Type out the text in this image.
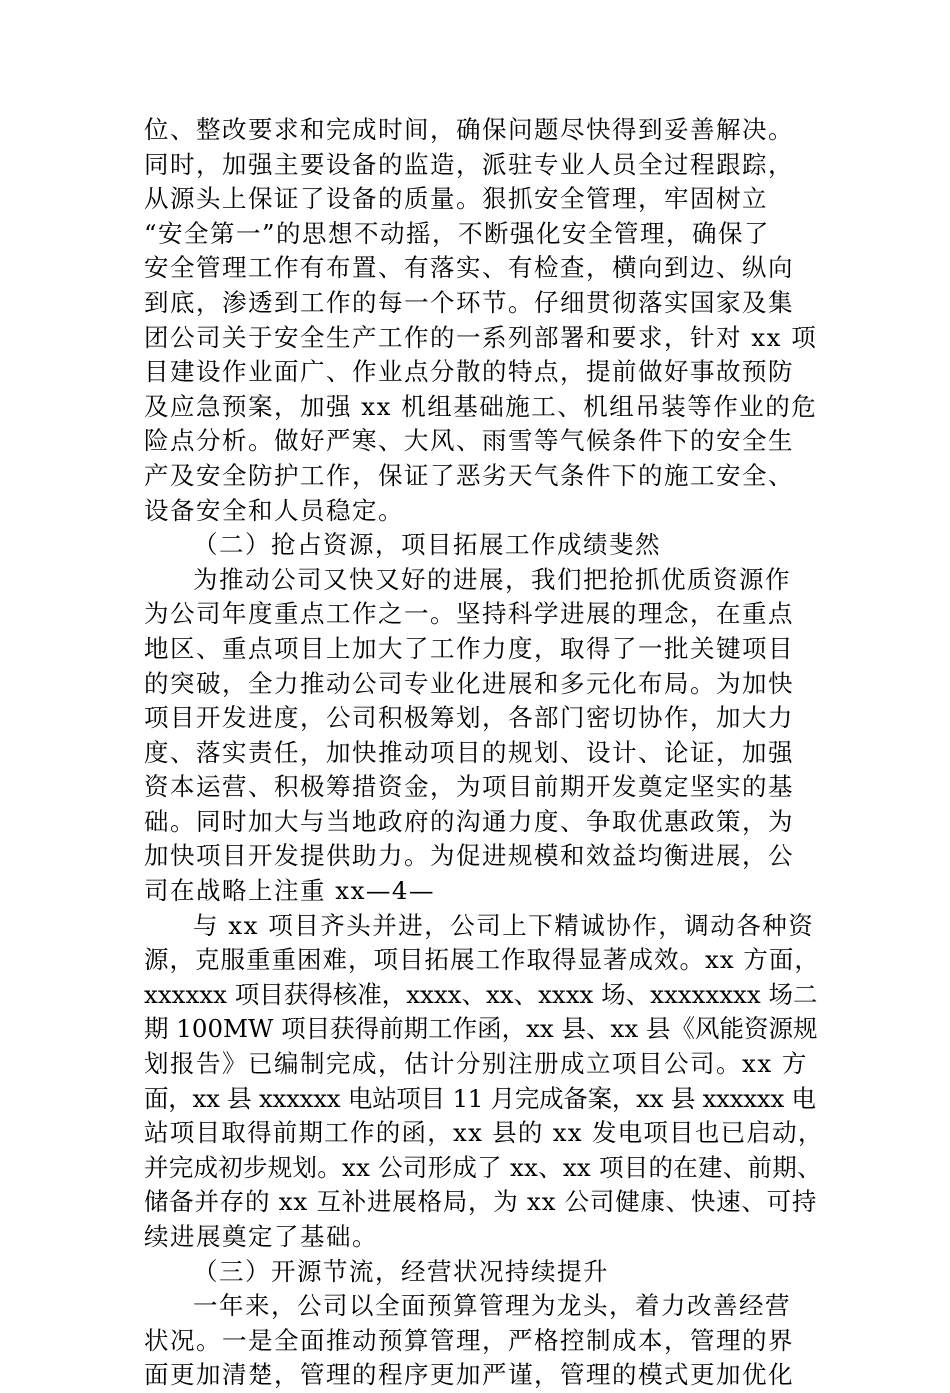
位、整改要求和完成时间，确保问题尽快得到妥善解决。
同时，加强主要设备的监造，派驻专业人员全过程跟踪，
从源头上保证了设备的质量。狠抓安全管理，牢固树立
“安全第一”的思想不动摇，不断强化安全管理，确保了
安全管理工作有布置、有落实、有检查，横向到边、纵向
到底，渗透到工作的每一个环节。仔细贯彻落实国家及集
团公司关于安全生产工作的一系列部署和要求，针对 xx 项
目建设作业面广、作业点分散的特点，提前做好事故预防
及应急预案，加强 xx 机组基础施工、机组吊装等作业的危
险点分析。做好严寒、大风、雨雪等气候条件下的安全生
产及安全防护工作，保证了恶劣天气条件下的施工安全、
设备安全和人员稳定。
（二）抢占资源，项目拓展工作成绩斐然
为推动公司又快又好的进展，我们把抢抓优质资源作
为公司年度重点工作之一。坚持科学进展的理念，在重点
地区、重点项目上加大了工作力度，取得了一批关键项目
的突破，全力推动公司专业化进展和多元化布局。为加快
项目开发进度，公司积极筹划，各部门密切协作，加大力
度、落实责任，加快推动项目的规划、设计、论证，加强
资本运营、积极筹措资金，为项目前期开发奠定坚实的基
础。同时加大与当地政府的沟通力度、争取优惠政策，为
加快项目开发提供助力。为促进规模和效益均衡进展，公
司在战略上注重 xx—4—
与 xx 项目齐头并进，公司上下精诚协作，调动各种资
源，克服重重困难，项目拓展工作取得显著成效。xx 方面，
xxxxxx 项目获得核准，xxxx、xx、xxxx 场、xxxxxxxx 场二
期 100MW 项目获得前期工作函，xx 县、xx 县《风能资源规
划报告》已编制完成，估计分别注册成立项目公司。xx 方
面，xx 县 xxxxxx 电站项目 11 月完成备案，xx 县 xxxxxx 电
站项目取得前期工作的函，xx 县的 xx 发电项目也已启动，
并完成初步规划。xx 公司形成了 xx、xx 项目的在建、前期、
储备并存的 xx 互补进展格局，为 xx 公司健康、快速、可持
续进展奠定了基础。
（三）开源节流，经营状况持续提升
一年来，公司以全面预算管理为龙头，着力改善经营
状况。一是全面推动预算管理，严格控制成本，管理的界
面更加清楚，管理的程序更加严谨，管理的模式更加优化
